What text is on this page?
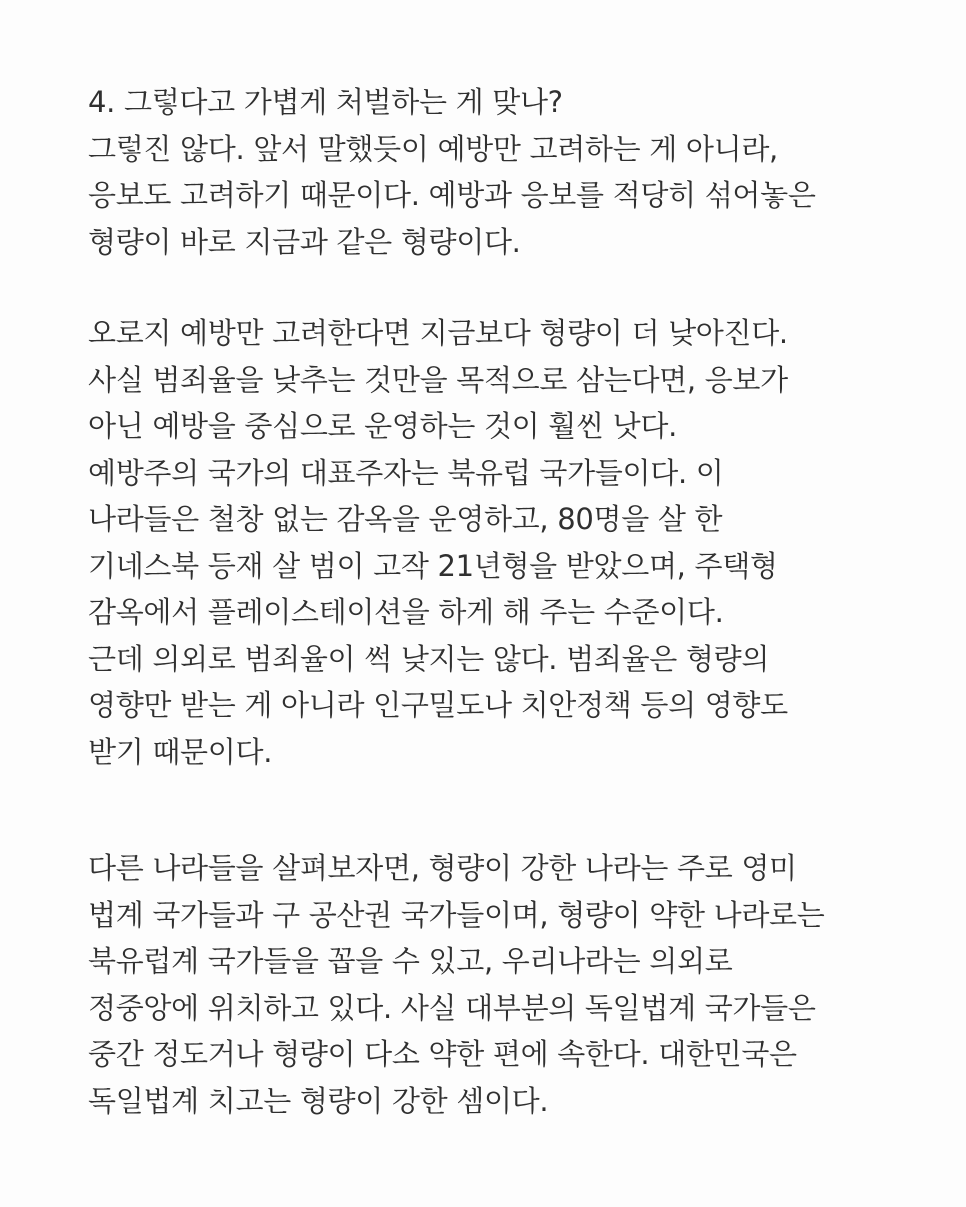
4. 그렇다고 가볍게 처벌하는 게 맞나?
그렇진 않다. 앞서 말했듯이 예방만 고려하는 게 아니라,
응보도 고려하기 때문이다. 예방과 응보를 적당히 섞어놓은
형량이 바로 지금과 같은 형량이다.
오로지 예방만 고려한다면 지금보다 형량이 더 낮아진다.
사실 범죄율을 낮추는 것만을 목적으로 삼는다면, 응보가
아닌 예방을 중심으로 운영하는 것이 훨씬 낫다.
예방주의 국가의 대표주자는 북유럽 국가들이다. 이
나라들은 철창 없는 감옥을 운영하고, 80명을 살 한
기네스북 등재 살 범이 고작 21년형을 받았으며, 주택형
감옥에서 플레이스테이션을 하게 해 주는 수준이다.
근데 의외로 범죄율이 썩 낮지는 않다. 범죄율은 형량의
영향만 받는 게 아니라 인구밀도나 치안정책 등의 영향도
받기 때문이다.
다른 나라들을 살펴보자면, 형량이 강한 나라는 주로 영미
법계 국가들과 구 공산권 국가들이며, 형량이 약한 나라로는
북유럽계 국가들을 꼽을 수 있고, 우리나라는 의외로
정중앙에 위치하고 있다. 사실 대부분의 독일법계 국가들은
중간 정도거나 형량이 다소 약한 편에 속한다. 대한민국은
독일법계 치고는 형량이 강한 셈이다.
